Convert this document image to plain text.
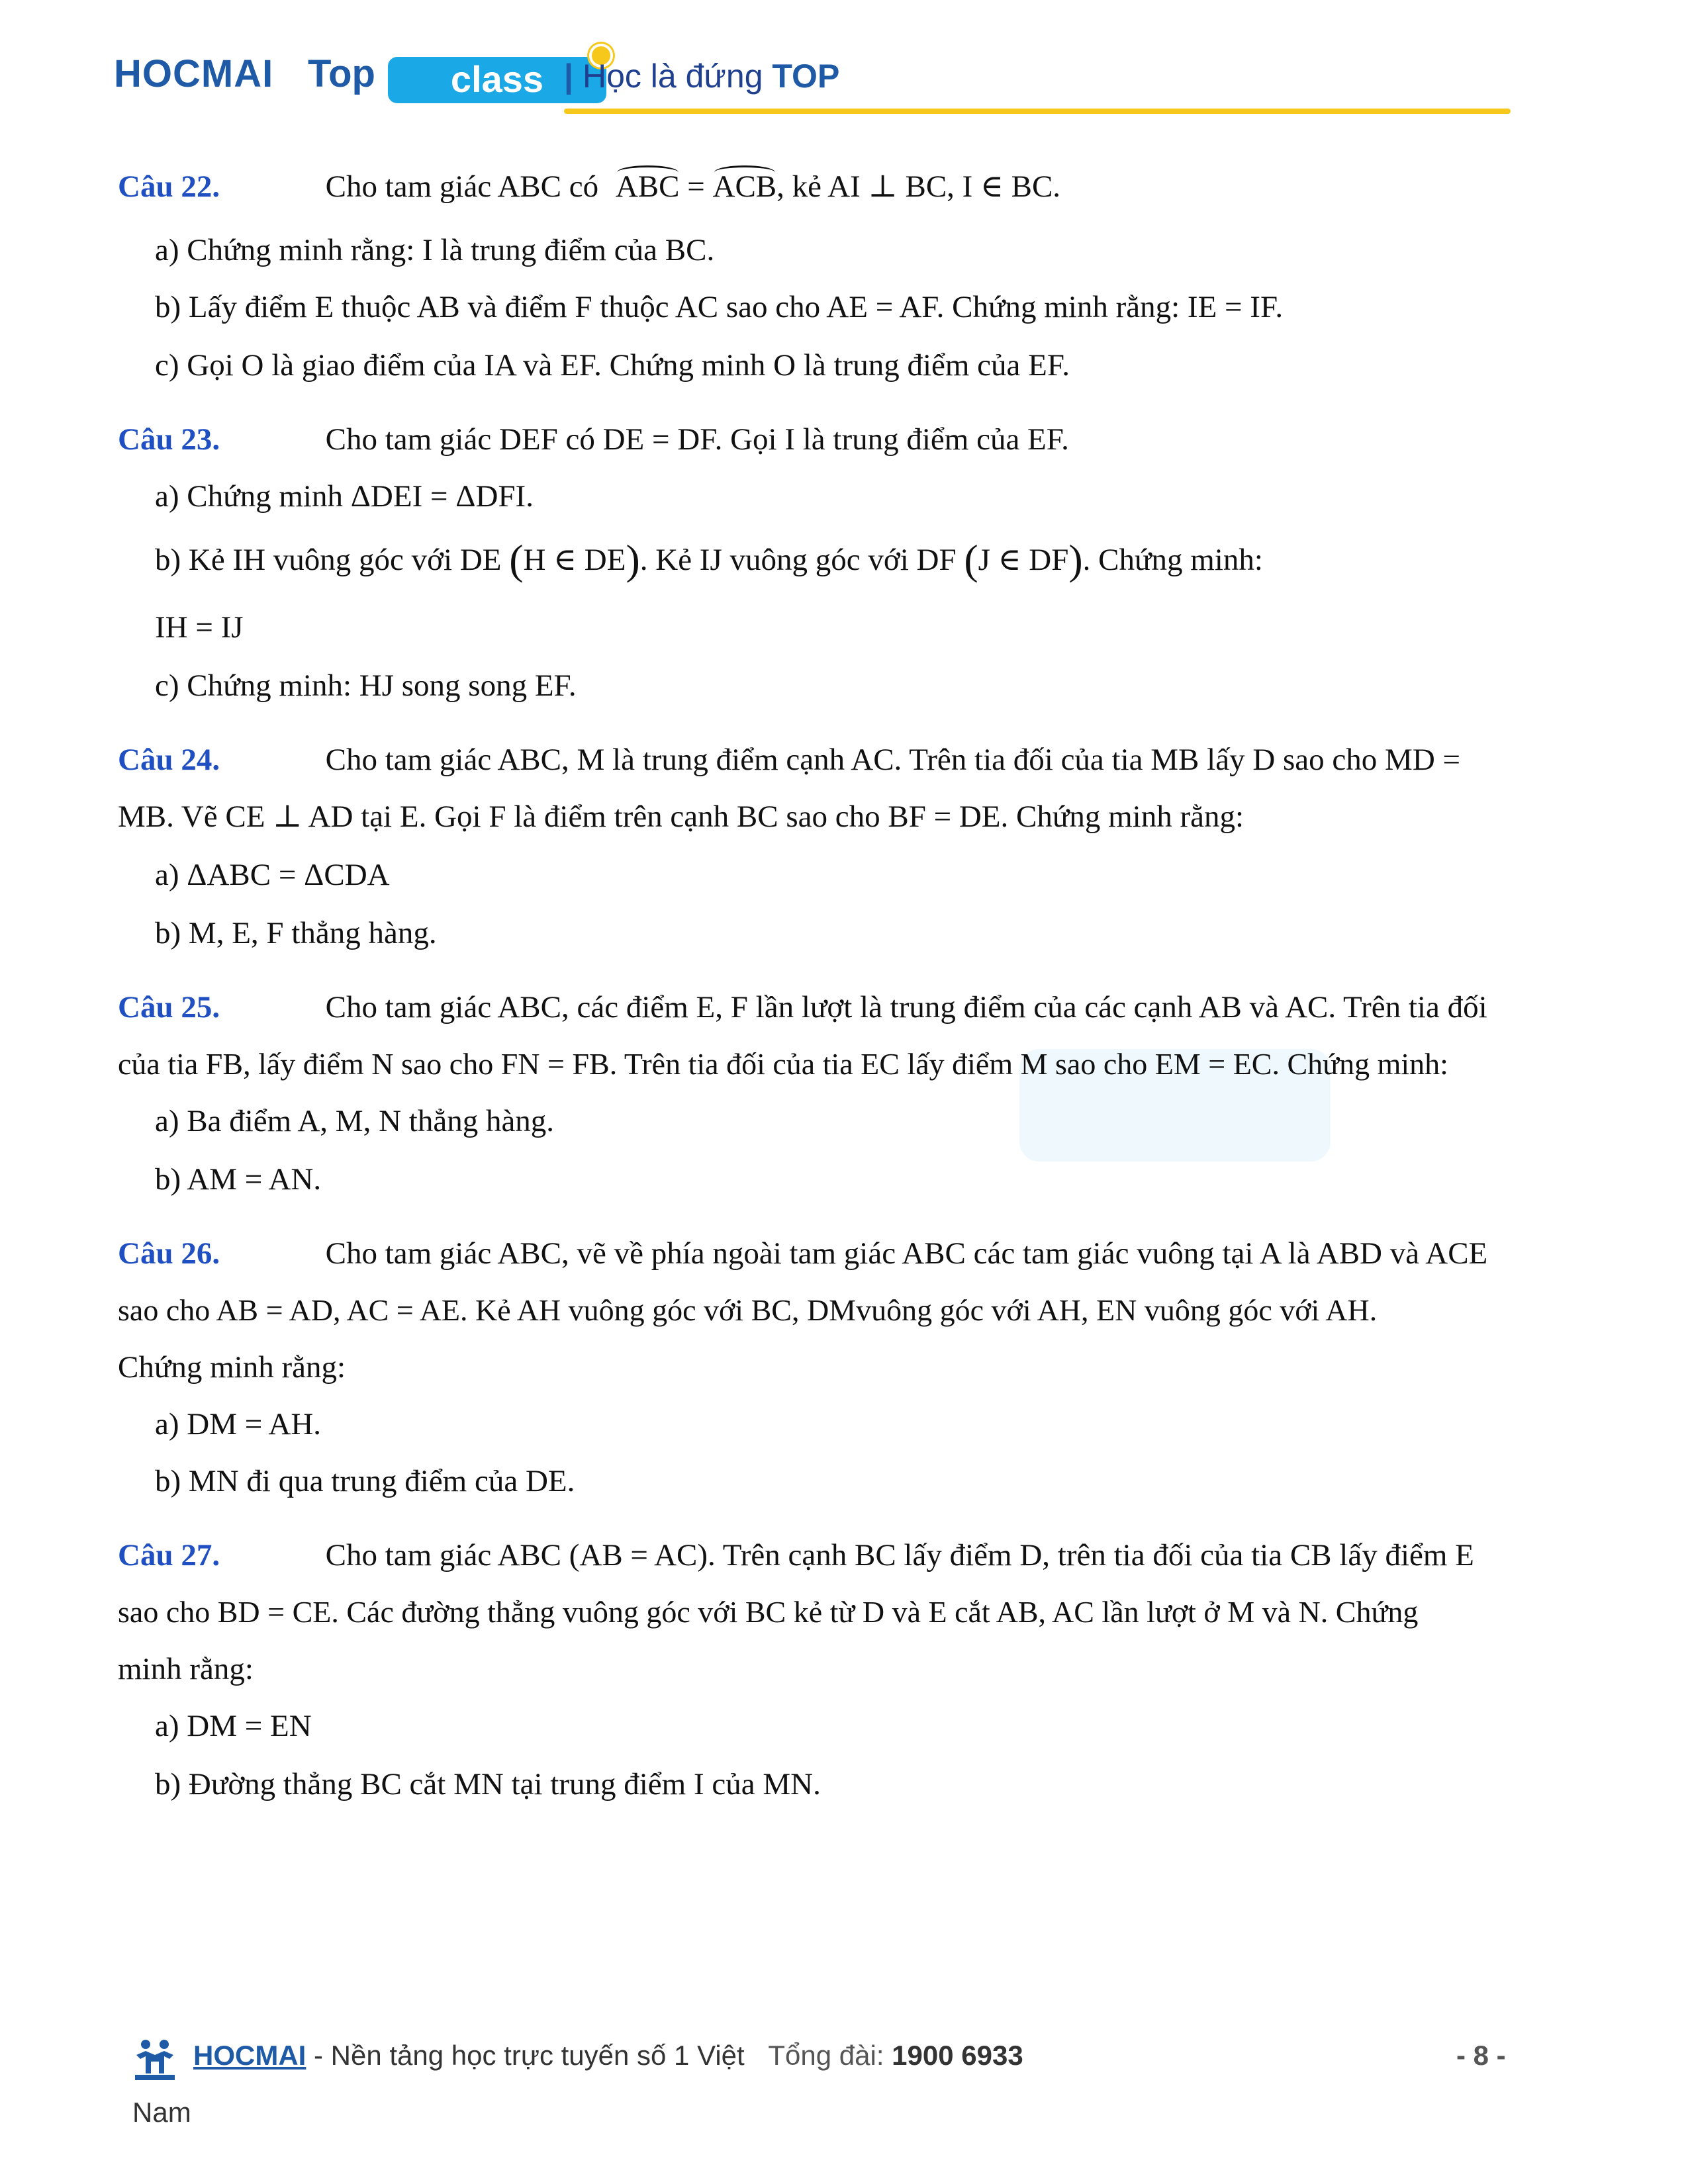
HOCMAI Top	class | Học là đứng TOP
Câu 22.	Cho tam giác ABC có ABC = ACB, kẻ AI ⊥ BC, I ∈ BC.
a) Chứng minh rằng: I là trung điểm của BC.
b) Lấy điểm E thuộc AB và điểm F thuộc AC sao cho AE = AF. Chứng minh rằng: IE = IF.
c) Gọi O là giao điểm của IA và EF. Chứng minh O là trung điểm của EF.
Câu 23.	Cho tam giác DEF có DE = DF. Gọi I là trung điểm của EF.
a) Chứng minh ΔDEI = ΔDFI.
b) Kẻ IH vuông góc với DE (H ∈ DE). Kẻ IJ vuông góc với DF (J ∈ DF). Chứng minh:
IH = IJ
c) Chứng minh: HJ song song EF.
Câu 24.	Cho tam giác ABC, M là trung điểm cạnh AC. Trên tia đối của tia MB lấy D sao cho MD =
MB. Vẽ CE ⊥ AD tại E. Gọi F là điểm trên cạnh BC sao cho BF = DE. Chứng minh rằng:
a) ΔABC = ΔCDA
b) M, E, F thẳng hàng.
Câu 25.	Cho tam giác ABC, các điểm E, F lần lượt là trung điểm của các cạnh AB và AC. Trên tia đối
của tia FB, lấy điểm N sao cho FN = FB. Trên tia đối của tia EC lấy điểm M sao cho EM = EC. Chứng minh:
a) Ba điểm A, M, N thẳng hàng.
b) AM = AN.
Câu 26.	Cho tam giác ABC, vẽ về phía ngoài tam giác ABC các tam giác vuông tại A là ABD và ACE
sao cho AB = AD, AC = AE. Kẻ AH vuông góc với BC, DMvuông góc với AH, EN vuông góc với AH.
Chứng minh rằng:
a) DM = AH.
b) MN đi qua trung điểm của DE.
Câu 27.	Cho tam giác ABC (AB = AC). Trên cạnh BC lấy điểm D, trên tia đối của tia CB lấy điểm E
sao cho BD = CE. Các đường thẳng vuông góc với BC kẻ từ D và E cắt AB, AC lần lượt ở M và N. Chứng
minh rằng:
a) DM = EN
b) Đường thẳng BC cắt MN tại trung điểm I của MN.
HOCMAI - Nền tảng học trực tuyến số 1 Việt Tổng đài: 1900 6933
Nam
- 8 -
